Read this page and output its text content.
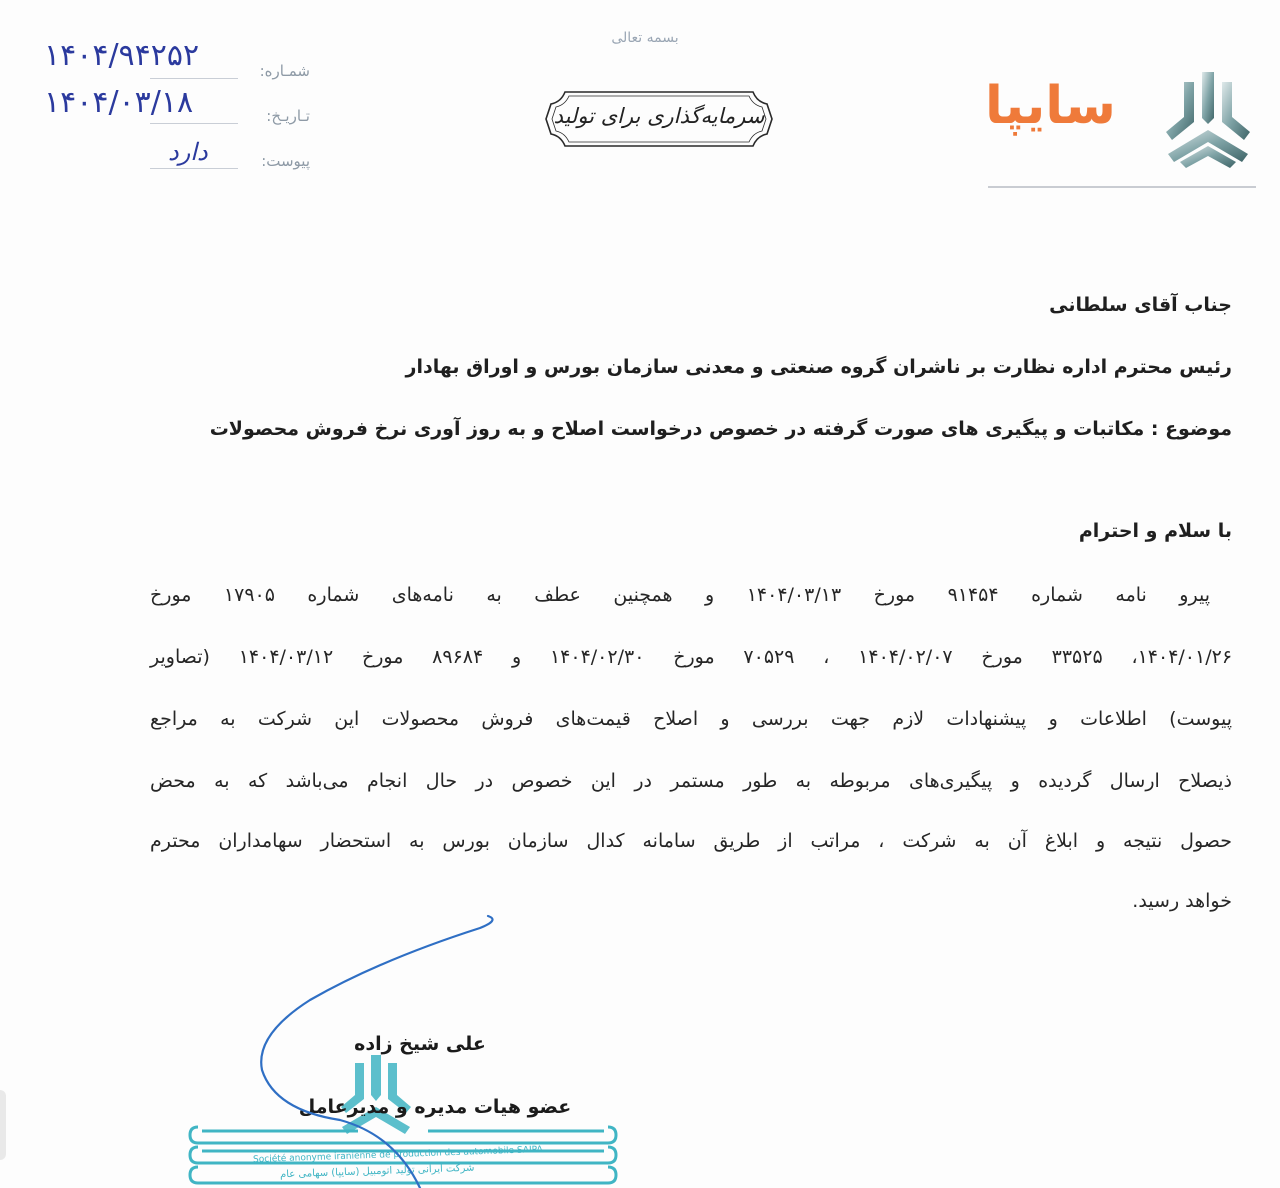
شمـاره:
۱۴۰۴/۹۴۲۵۲
تـاریـخ:
۱۴۰۴/۰۳/۱۸
پیوست:
دارد
بسمه تعالی
سرمایه‌گذاری برای تولید	سایپا
جناب آقای سلطانی
رئیس محترم اداره نظارت بر ناشران گروه صنعتی و معدنی سازمان بورس و اوراق بهادار
موضوع : مکاتبات و پیگیری های صورت گرفته در خصوص درخواست اصلاح و به روز آوری نرخ فروش محصولات
با سلام و احترام
پیرو نامه شماره ۹۱۴۵۴ مورخ ۱۴۰۴/۰۳/۱۳ و همچنین عطف به نامه‌های شماره ۱۷۹۰۵ مورخ
۱۴۰۴/۰۱/۲۶، ۳۳۵۲۵ مورخ ۱۴۰۴/۰۲/۰۷ ، ۷۰۵۲۹ مورخ ۱۴۰۴/۰۲/۳۰ و ۸۹۶۸۴ مورخ ۱۴۰۴/۰۳/۱۲ (تصاویر
پیوست) اطلاعات و پیشنهادات لازم جهت بررسی و اصلاح قیمت‌های فروش محصولات این شرکت به مراجع
ذیصلاح ارسال گردیده و پیگیری‌های مربوطه به طور مستمر در این خصوص در حال انجام می‌باشد که به محض
حصول نتیجه و ابلاغ آن به شرکت ، مراتب از طریق سامانه کدال سازمان بورس به استحضار سهامداران محترم
خواهد رسید.
علی شیخ زاده
عضو هیات مدیره و مدیرعامل
Société anonyme iranienne de production des automobile SAIPA
شرکت ایرانی تولید اتومبیل (سایپا) سهامی عام
